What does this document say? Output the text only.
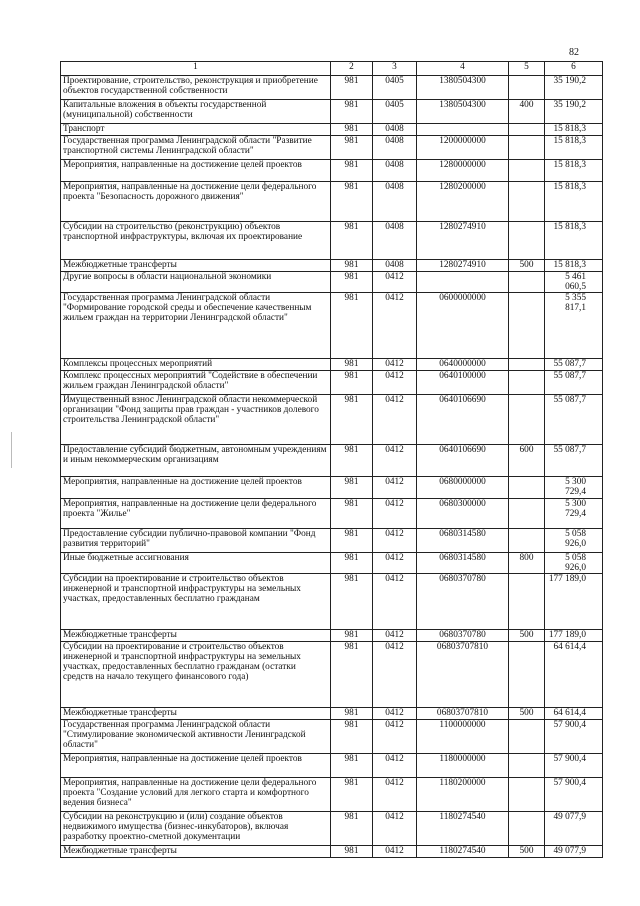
82
1	2	3	4	5	6
Проектирование, строительство, реконструкция и приобретение объектов государственной собственности	981	0405	1380504300		35 190,2
Капитальные вложения в объекты государственной (муниципальной) собственности	981	0405	1380504300	400	35 190,2
Транспорт	981	0408			15 818,3
Государственная программа Ленинградской области "Развитие транспортной системы Ленинградской области"	981	0408	1200000000		15 818,3
Мероприятия, направленные на достижение целей проектов	981	0408	1280000000		15 818,3
Мероприятия, направленные на достижение цели федерального проекта "Безопасность дорожного движения"	981	0408	1280200000		15 818,3
Субсидии на строительство (реконструкцию) объектов транспортной инфраструктуры, включая их проектирование	981	0408	1280274910		15 818,3
Межбюджетные трансферты	981	0408	1280274910	500	15 818,3
Другие вопросы в области национальной экономики	981	0412			5 461 060,5
Государственная программа Ленинградской области "Формирование городской среды и обеспечение качественным жильем граждан на территории Ленинградской области"	981	0412	0600000000		5 355 817,1
Комплексы процессных мероприятий	981	0412	0640000000		55 087,7
Комплекс процессных мероприятий "Содействие в обеспечении жильем граждан Ленинградской области"	981	0412	0640100000		55 087,7
Имущественный взнос Ленинградской области некоммерческой организации "Фонд защиты прав граждан - участников долевого строительства Ленинградской области"	981	0412	0640106690		55 087,7
Предоставление субсидий бюджетным, автономным учреждениям и иным некоммерческим организациям	981	0412	0640106690	600	55 087,7
Мероприятия, направленные на достижение целей проектов	981	0412	0680000000		5 300 729,4
Мероприятия, направленные на достижение цели федерального проекта "Жилье"	981	0412	0680300000		5 300 729,4
Предоставление субсидии публично-правовой компании "Фонд развития территорий"	981	0412	0680314580		5 058 926,0
Иные бюджетные ассигнования	981	0412	0680314580	800	5 058 926,0
Субсидии на проектирование и строительство объектов инженерной и транспортной инфраструктуры на земельных участках, предоставленных бесплатно гражданам	981	0412	0680370780		177 189,0
Межбюджетные трансферты	981	0412	0680370780	500	177 189,0
Субсидии на проектирование и строительство объектов инженерной и транспортной инфраструктуры на земельных участках, предоставленных бесплатно гражданам (остатки средств на начало текущего финансового года)	981	0412	06803707810		64 614,4
Межбюджетные трансферты	981	0412	06803707810	500	64 614,4
Государственная программа Ленинградской области "Стимулирование экономической активности Ленинградской области"	981	0412	1100000000		57 900,4
Мероприятия, направленные на достижение целей проектов	981	0412	1180000000		57 900,4
Мероприятия, направленные на достижение цели федерального проекта "Создание условий для легкого старта и комфортного ведения бизнеса"	981	0412	1180200000		57 900,4
Субсидии на реконструкцию и (или) создание объектов недвижимого имущества (бизнес-инкубаторов), включая разработку проектно-сметной документации	981	0412	1180274540		49 077,9
Межбюджетные трансферты	981	0412	1180274540	500	49 077,9
